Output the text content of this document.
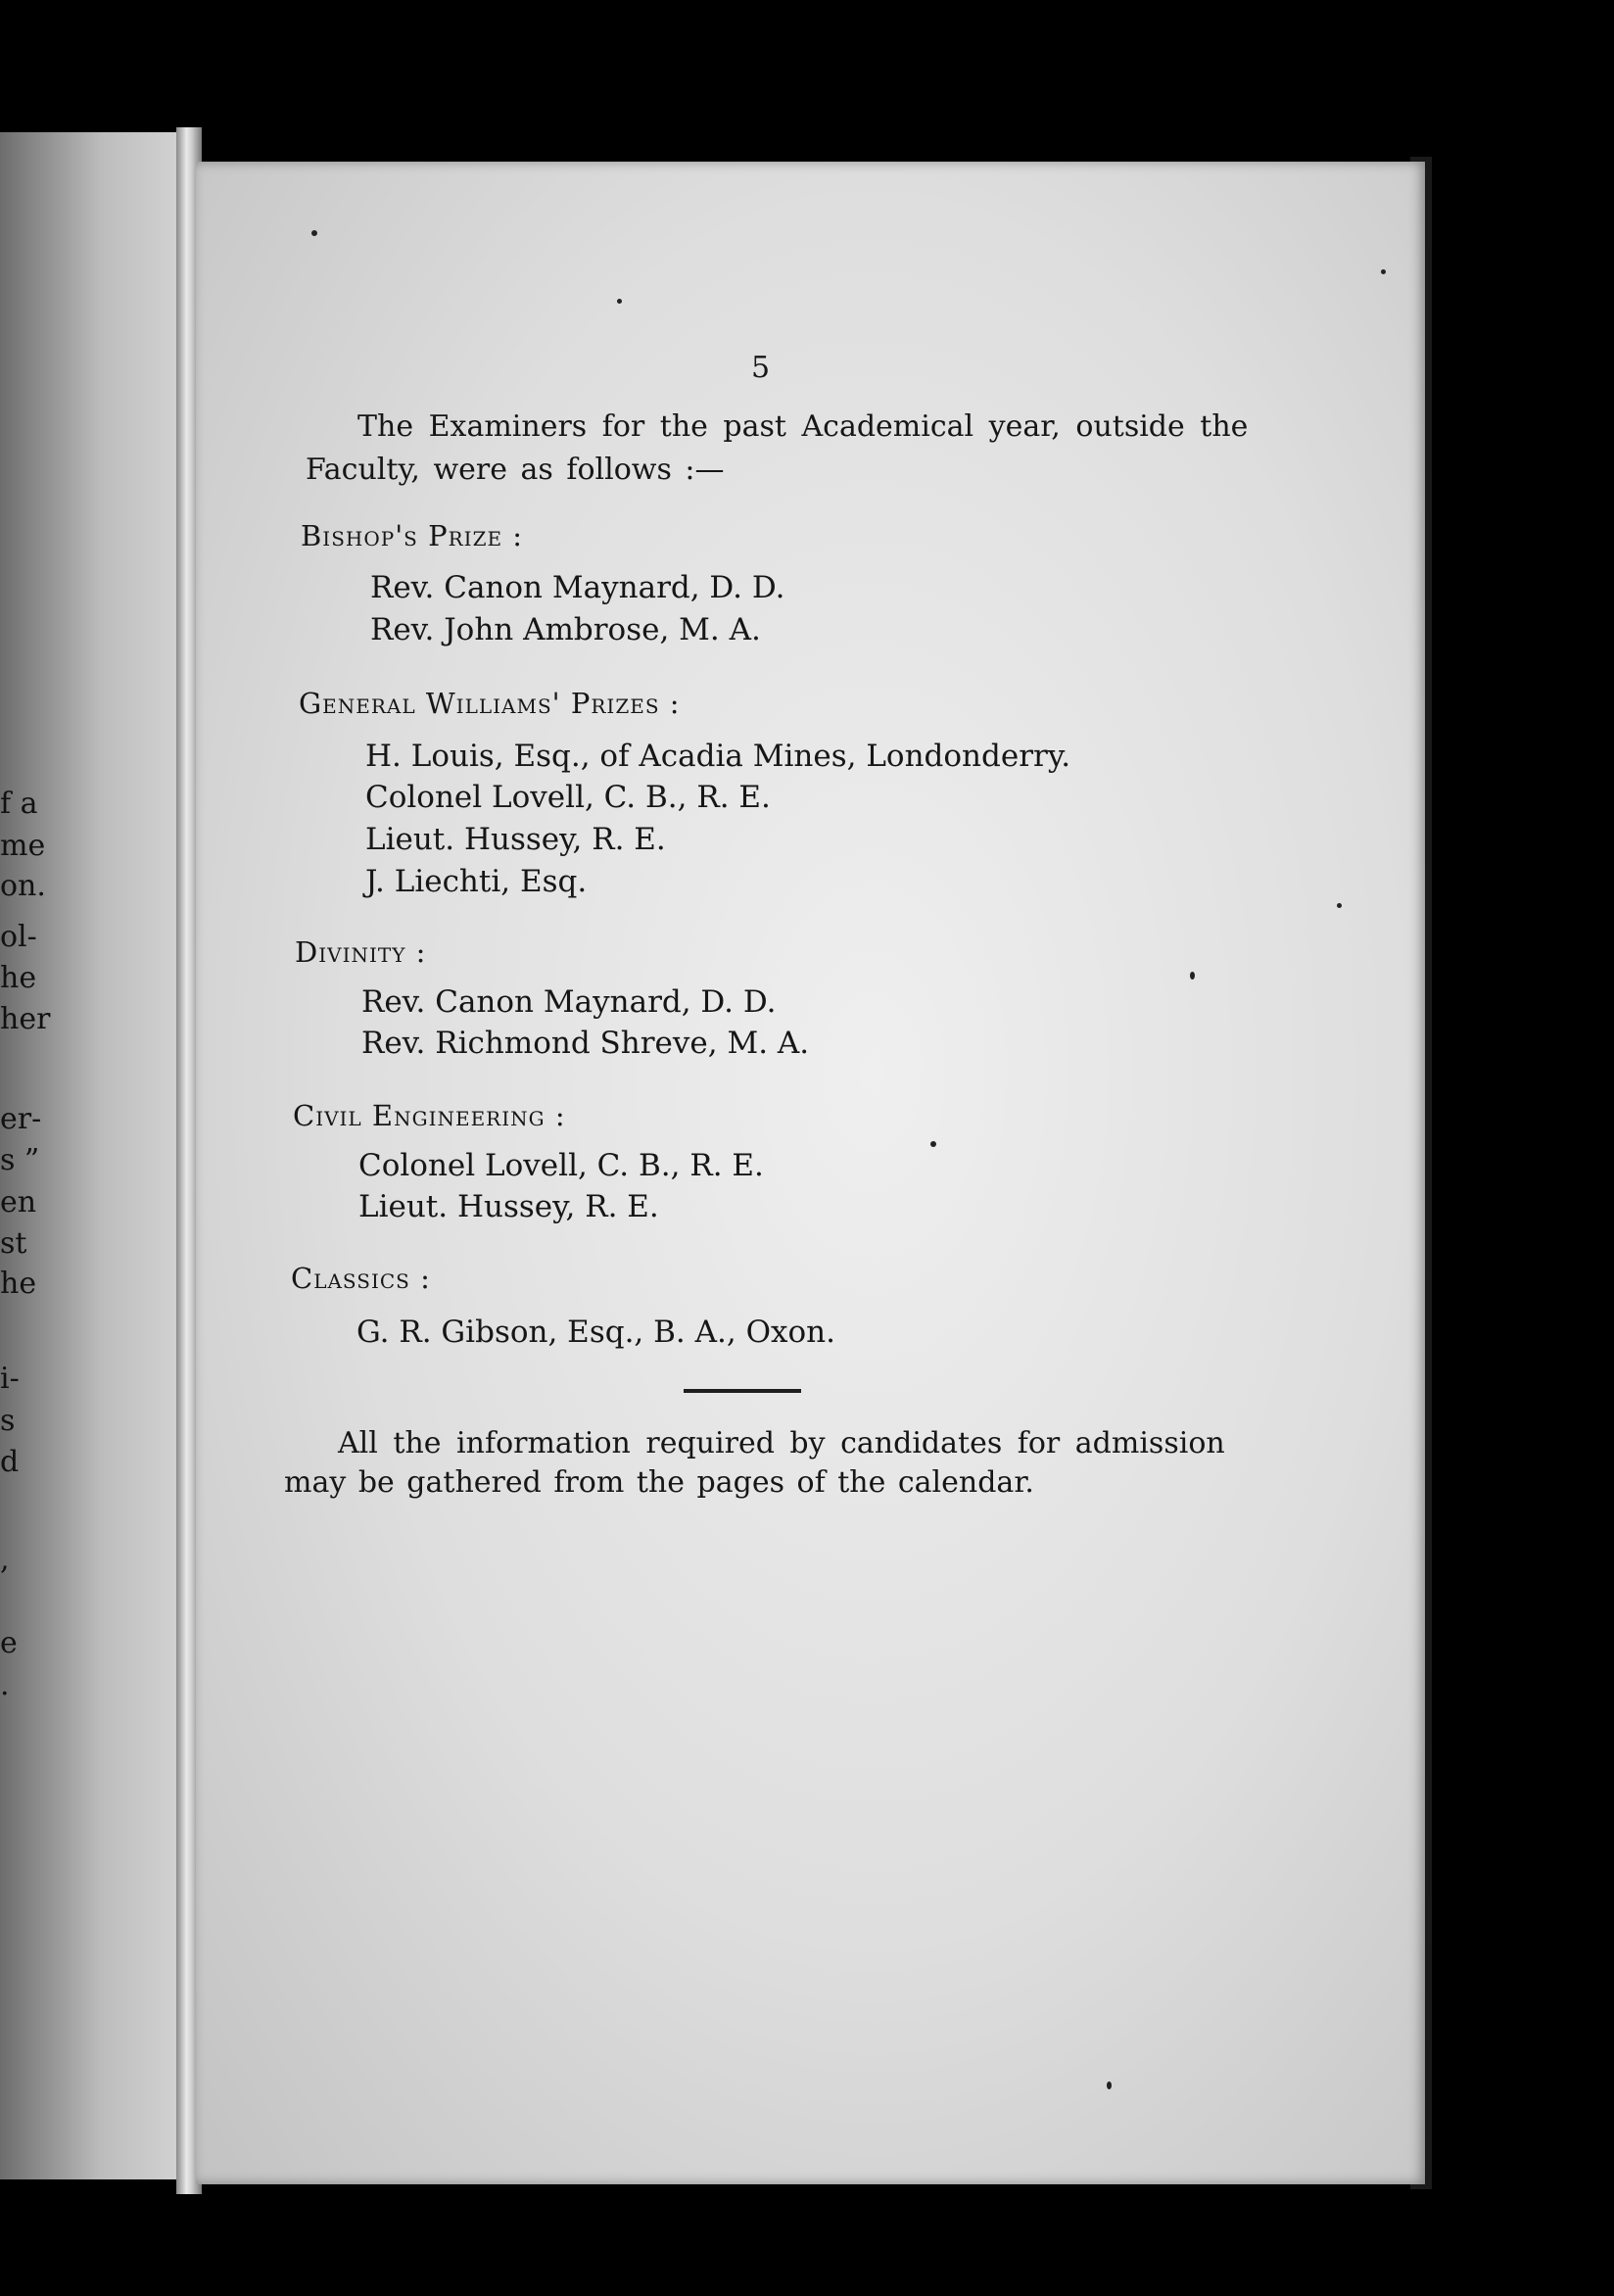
f a
me
on.
ol-
he
her
er-
s ”
en
st
he
i-
s
d
,
e
.
5
The Examiners for the past Academical year, outside the
Faculty, were as follows :—
Bishop's Prize :
Rev. Canon Maynard, D. D.
Rev. John Ambrose, M. A.
General Williams' Prizes :
H. Louis, Esq., of Acadia Mines, Londonderry.
Colonel Lovell, C. B., R. E.
Lieut. Hussey, R. E.
J. Liechti, Esq.
Divinity :
Rev. Canon Maynard, D. D.
Rev. Richmond Shreve, M. A.
Civil Engineering :
Colonel Lovell, C. B., R. E.
Lieut. Hussey, R. E.
Classics :
G. R. Gibson, Esq., B. A., Oxon.
All the information required by candidates for admission
may be gathered from the pages of the calendar.
